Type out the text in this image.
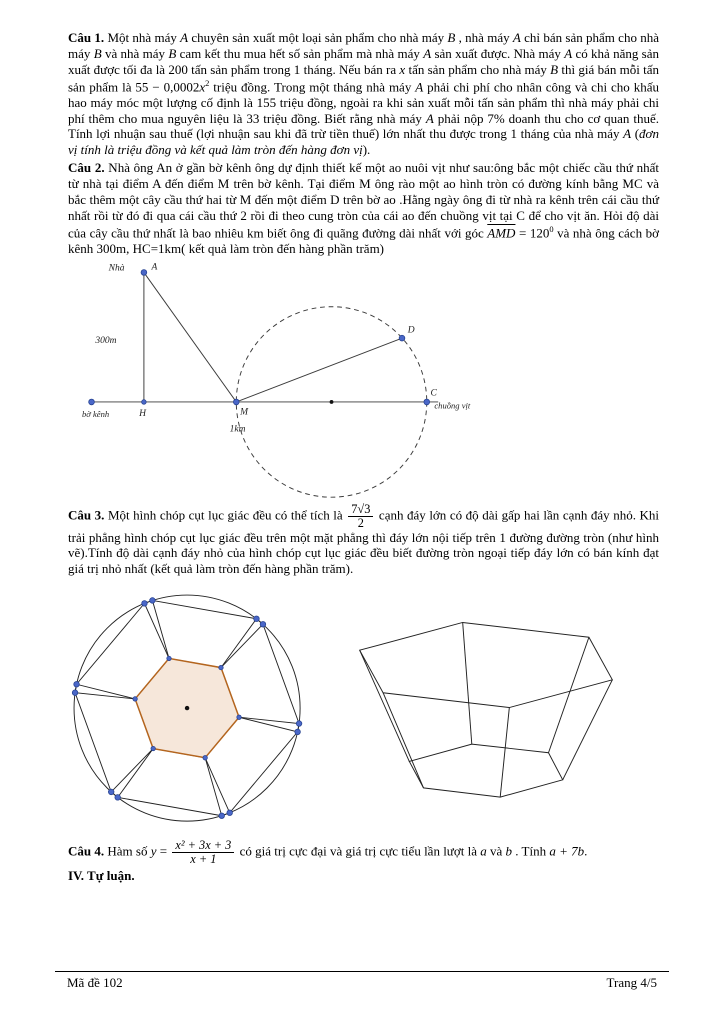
Câu 1. Một nhà máy A chuyên sản xuất một loại sản phẩm cho nhà máy B , nhà máy A chỉ bán sản phẩm cho nhà máy B và nhà máy B cam kết thu mua hết số sản phẩm mà nhà máy A sản xuất được. Nhà máy A có khả năng sản xuất được tối đa là 200 tấn sản phẩm trong 1 tháng. Nếu bán ra x tấn sản phẩm cho nhà máy B thì giá bán mỗi tấn sản phẩm là $55 - 0,0002x^2$ triệu đồng. Trong một tháng nhà máy A phải chi phí cho nhân công và chi cho khấu hao máy móc một lượng cố định là 155 triệu đồng, ngoài ra khi sản xuất mỗi tấn sản phẩm thì nhà máy phải chi phí thêm cho mua nguyên liệu là 33 triệu đồng. Biết rằng nhà máy A phải nộp 7% doanh thu cho cơ quan thuế. Tính lợi nhuận sau thuế (lợi nhuận sau khi đã trừ tiền thuế) lớn nhất thu được trong 1 tháng của nhà máy A (đơn vị tính là triệu đồng và kết quả làm tròn đến hàng đơn vị).

Câu 2. Nhà ông An ở gần bờ kênh ông dự định thiết kế một ao nuôi vịt như sau:ông bắc một chiếc cầu thứ nhất từ nhà tại điểm A đến điểm M trên bờ kênh. Tại điểm M ông rào một ao hình tròn có đường kính bằng MC và bắc thêm một cây cầu thứ hai từ M đến một điểm D trên bờ ao .Hằng ngày ông đi từ nhà ra kênh trên cái cầu thứ nhất rồi từ đó đi qua cái cầu thứ 2 rồi đi theo cung tròn của cái ao đến chuồng vịt tại C để cho vịt ăn. Hỏi độ dài của cây cầu thứ nhất là bao nhiêu km biết ông đi quãng đường dài nhất với góc $\overline{AMD} = 120^0$ và nhà ông cách bờ kênh 300m, HC=1km( kết quả làm tròn đến hàng phần trăm)

Nhà	A
300m
bờ kênh	H	M
1km
C
chuồng vịt
D

Câu 3. Một hình chóp cụt lục giác đều có thể tích là $\frac{7√3}{2}$ cạnh đáy lớn có độ dài gấp hai lần cạnh đáy nhỏ. Khi trải phẳng hình chóp cụt lục giác đều trên một mặt phẳng thì đáy lớn nội tiếp trên 1 đường đường tròn (như hình vẽ).Tính độ dài cạnh đáy nhỏ của hình chóp cụt lục giác đều biết đường tròn ngoại tiếp đáy lớn có bán kính đạt giá trị nhỏ nhất (kết quả làm tròn đến hàng phần trăm).

Câu 4. Hàm số $y = \frac{\text{x² + 3x + 3}}{x + 1}$ có giá trị cực đại và giá trị cực tiểu lần lượt là a và b . Tính a + 7b.

IV. Tự luận.

Mã đề 102	Trang 4/5
